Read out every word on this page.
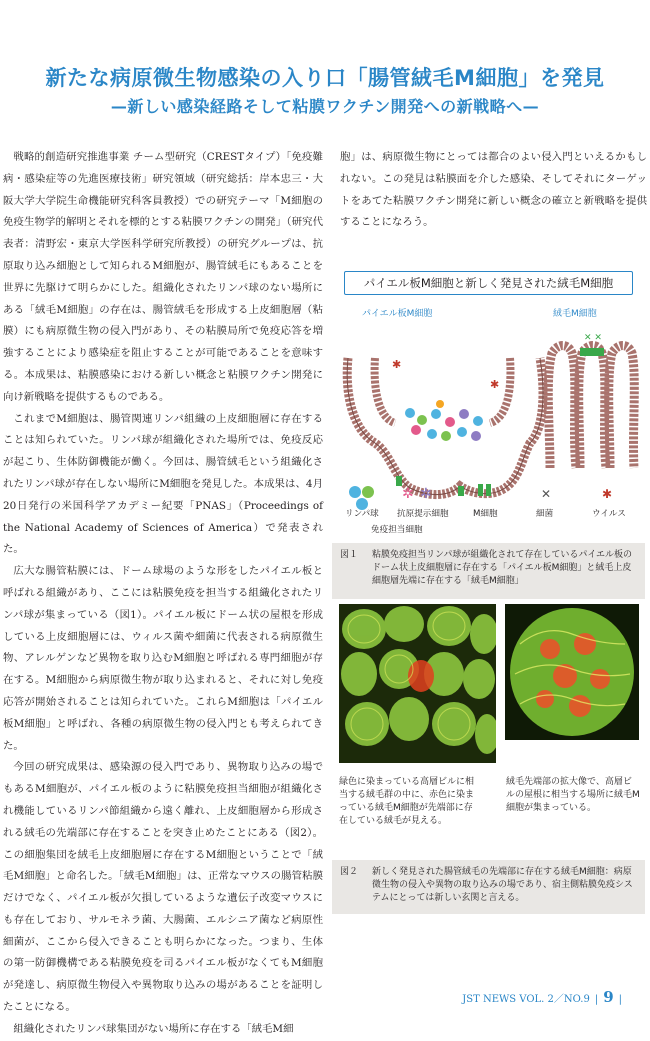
新たな病原微生物感染の入り口「腸管絨毛M細胞」を発見
—新しい感染経路そして粘膜ワクチン開発への新戦略へ—

戦略的創造研究推進事業 チーム型研究（CRESTタイプ）「免疫難病・感染症等の先進医療技術」研究領域（研究総括：岸本忠三・大阪大学大学院生命機能研究科客員教授）での研究テーマ「M細胞の免疫生物学的解明とそれを標的とする粘膜ワクチンの開発」（研究代表者：清野宏・東京大学医科学研究所教授）の研究グループは、抗原取り込み細胞として知られるM細胞が、腸管絨毛にもあることを世界に先駆けて明らかにした。組織化されたリンパ球のない場所にある「絨毛M細胞」の存在は、腸管絨毛を形成する上皮細胞層（粘膜）にも病原微生物の侵入門があり、その粘膜局所で免疫応答を増強することにより感染症を阻止することが可能であることを意味する。本成果は、粘膜感染における新しい概念と粘膜ワクチン開発に向け新戦略を提供するものである。

これまでM細胞は、腸管関連リンパ組織の上皮細胞層に存在することは知られていた。リンパ球が組織化された場所では、免疫反応が起こり、生体防御機能が働く。今回は、腸管絨毛という組織化されたリンパ球が存在しない場所にM細胞を発見した。本成果は、4月20日発行の米国科学アカデミー紀要「PNAS」（Proceedings of the National Academy of Sciences of America）で発表された。

広大な腸管粘膜には、ドーム球場のような形をしたパイエル板と呼ばれる組織があり、ここには粘膜免疫を担当する組織化されたリンパ球が集まっている（図1）。パイエル板にドーム状の屋根を形成している上皮細胞層には、ウィルス菌や細菌に代表される病原微生物、アレルゲンなど異物を取り込むM細胞と呼ばれる専門細胞が存在する。M細胞から病原微生物が取り込まれると、それに対し免疫応答が開始されることは知られていた。これらM細胞は「パイエル板M細胞」と呼ばれ、各種の病原微生物の侵入門とも考えられてきた。

今回の研究成果は、感染源の侵入門であり、異物取り込みの場でもあるM細胞が、パイエル板のように粘膜免疫担当細胞が組織化され機能しているリンパ節組織から遠く離れ、上皮細胞層から形成される絨毛の先端部に存在することを突き止めたことにある（図2）。この細胞集団を絨毛上皮細胞層に存在するM細胞ということで「絨毛M細胞」と命名した。「絨毛M細胞」は、正常なマウスの腸管粘膜だけでなく、パイエル板が欠損しているような遺伝子改変マウスにも存在しており、サルモネラ菌、大腸菌、エルシニア菌など病原性細菌が、ここから侵入できることも明らかになった。つまり、生体の第一防御機構である粘膜免疫を司るパイエル板がなくてもM細胞が発達し、病原微生物侵入や異物取り込みの場があることを証明したことになる。

組織化されたリンパ球集団がない場所に存在する「絨毛M細

胞」は、病原微生物にとっては都合のよい侵入門といえるかもしれない。この発見は粘膜面を介した感染、そしてそれにターゲットをあてた粘膜ワクチン開発に新しい概念の確立と新戦略を提供することになろう。

パイエル板M細胞と新しく発見された絨毛M細胞
パイエル板M細胞	絨毛M細胞
✱
✱
✕ ✕
✲ ✲	✕	✱
リンパ球 抗原提示細胞	M細胞	細菌	ウイルス
免疫担当細胞
図１ 粘膜免疫担当リンパ球が組織化されて存在しているパイエル板のドーム状上皮細胞層に存在する「パイエル板M細胞」と絨毛上皮細胞層先端に存在する「絨毛M細胞」
緑色に染まっている高層ビルに相当する絨毛群の中に、赤色に染まっている絨毛M細胞が先端部に存在している絨毛が見える。
絨毛先端部の拡大像で、高層ビルの屋根に相当する場所に絨毛M細胞が集まっている。
図２ 新しく発見された腸管絨毛の先端部に存在する絨毛M細胞：病原微生物の侵入や異物の取り込みの場であり、宿主側粘膜免疫システムにとっては新しい玄関と言える。
JST NEWS VOL. 2／NO.9 | 9 |
